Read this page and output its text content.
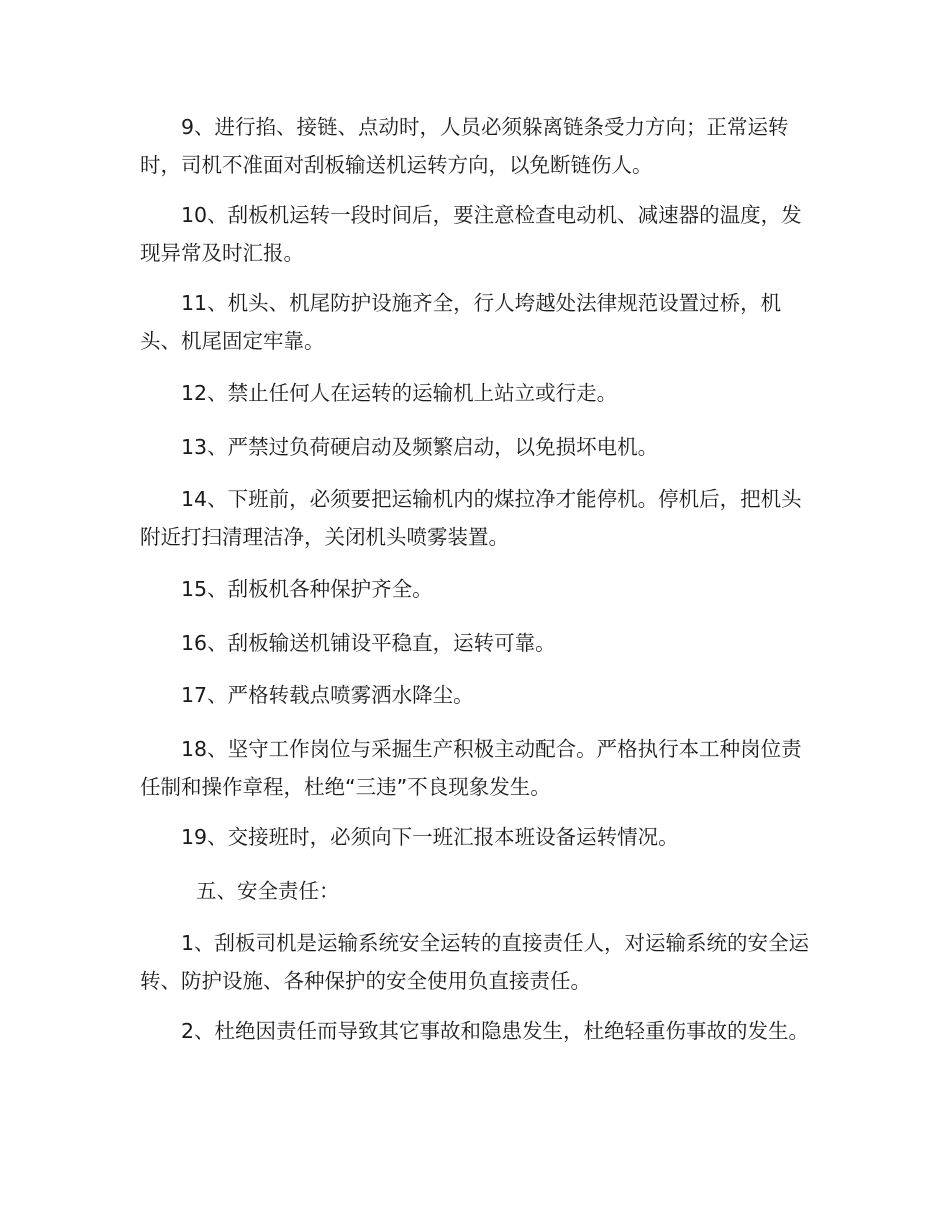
9、进行掐、接链、点动时，人员必须躲离链条受力方向；正常运转时，司机不准面对刮板输送机运转方向，以免断链伤人。

10、刮板机运转一段时间后，要注意检查电动机、减速器的温度，发现异常及时汇报。

11、机头、机尾防护设施齐全，行人垮越处法律规范设置过桥，机头、机尾固定牢靠。

12、禁止任何人在运转的运输机上站立或行走。

13、严禁过负荷硬启动及频繁启动，以免损坏电机。

14、下班前，必须要把运输机内的煤拉净才能停机。停机后，把机头附近打扫清理洁净，关闭机头喷雾装置。

15、刮板机各种保护齐全。

16、刮板输送机铺设平稳直，运转可靠。

17、严格转载点喷雾洒水降尘。

18、坚守工作岗位与采掘生产积极主动配合。严格执行本工种岗位责任制和操作章程，杜绝“三违”不良现象发生。

19、交接班时，必须向下一班汇报本班设备运转情况。

五、安全责任：

1、刮板司机是运输系统安全运转的直接责任人，对运输系统的安全运转、防护设施、各种保护的安全使用负直接责任。

2、杜绝因责任而导致其它事故和隐患发生，杜绝轻重伤事故的发生。
